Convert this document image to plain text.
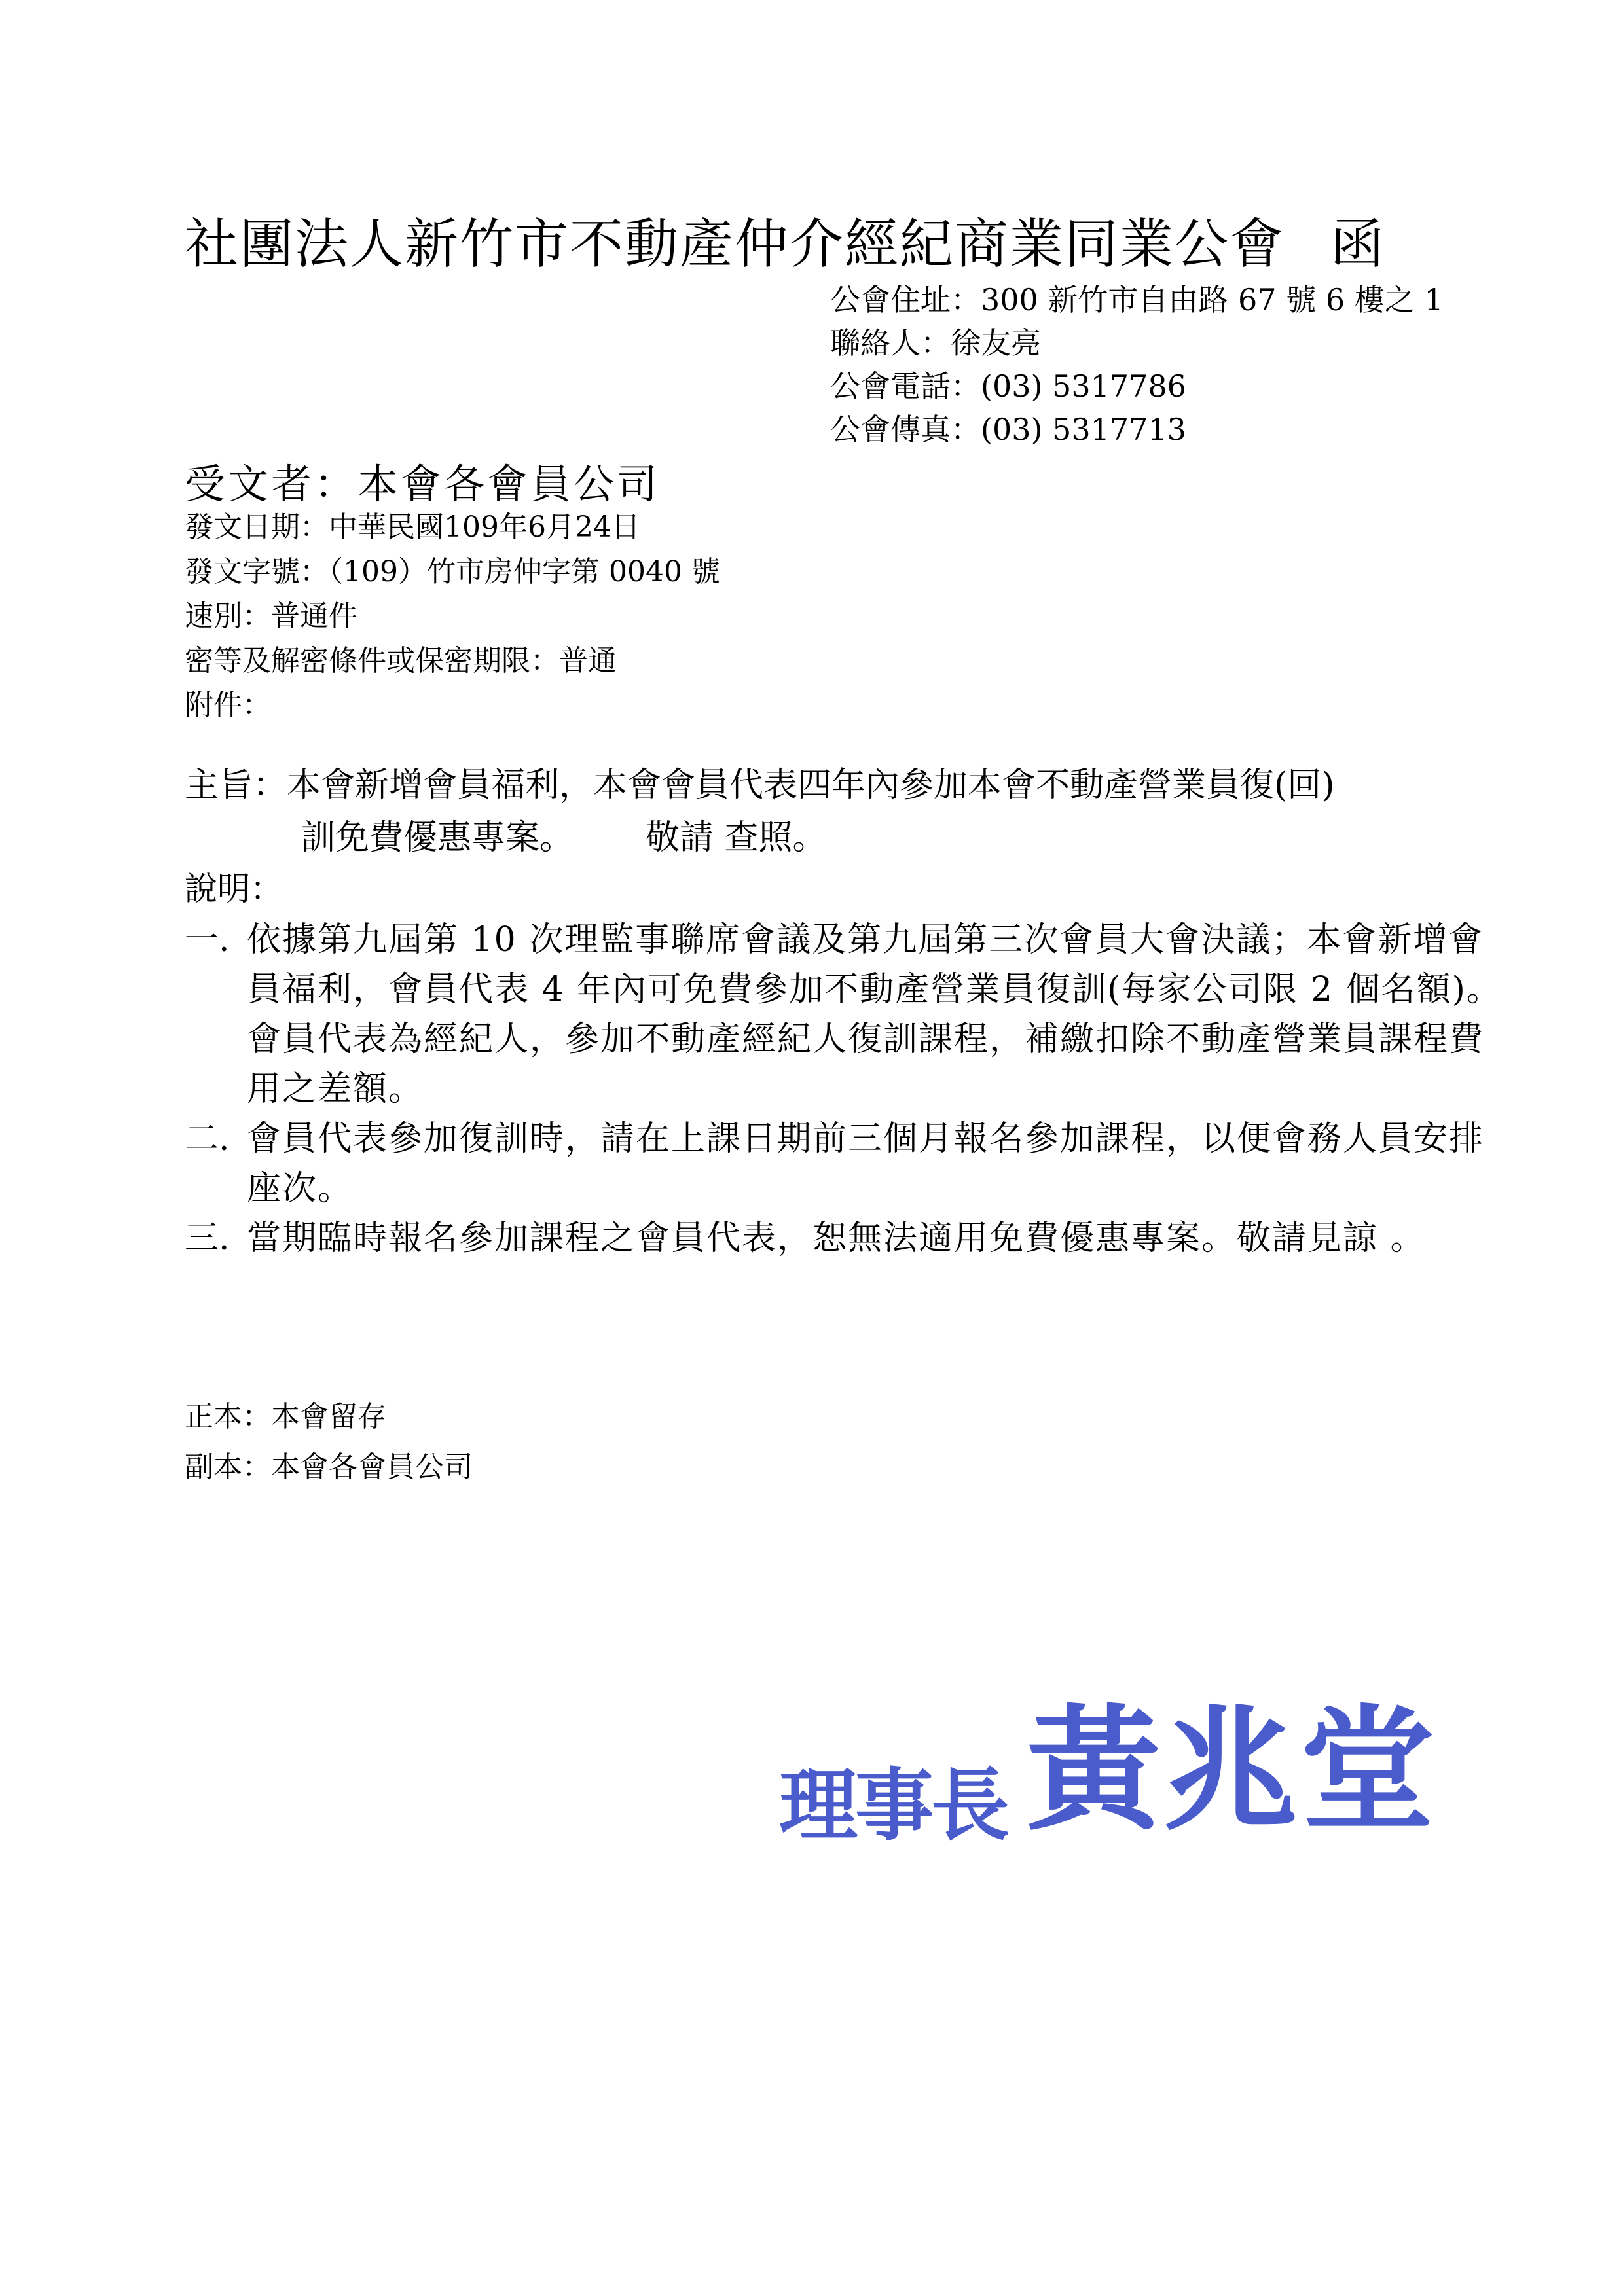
社團法人新竹市不動產仲介經紀商業同業公會 函
公會住址：300 新竹市自由路 67 號 6 樓之 1
聯絡人：徐友亮
公會電話：(03) 5317786
公會傳真：(03) 5317713
受文者：本會各會員公司
發文日期：中華民國109年6月24日
發文字號：（109）竹市房仲字第 0040 號
速別：普通件
密等及解密條件或保密期限：普通
附件：
主旨：本會新增會員福利，本會會員代表四年內參加本會不動產營業員復(回)
訓免費優惠專案。 敬請 查照。
說明：
一. 依據第九屆第 10 次理監事聯席會議及第九屆第三次會員大會決議；本會新增會員福利，會員代表 4 年內可免費參加不動產營業員復訓(每家公司限 2 個名額)。會員代表為經紀人，參加不動產經紀人復訓課程，補繳扣除不動產營業員課程費用之差額。
二. 會員代表參加復訓時，請在上課日期前三個月報名參加課程，以便會務人員安排座次。
三. 當期臨時報名參加課程之會員代表，恕無法適用免費優惠專案。敬請見諒 。
正本：本會留存
副本：本會各會員公司
理事長 黃兆堂
